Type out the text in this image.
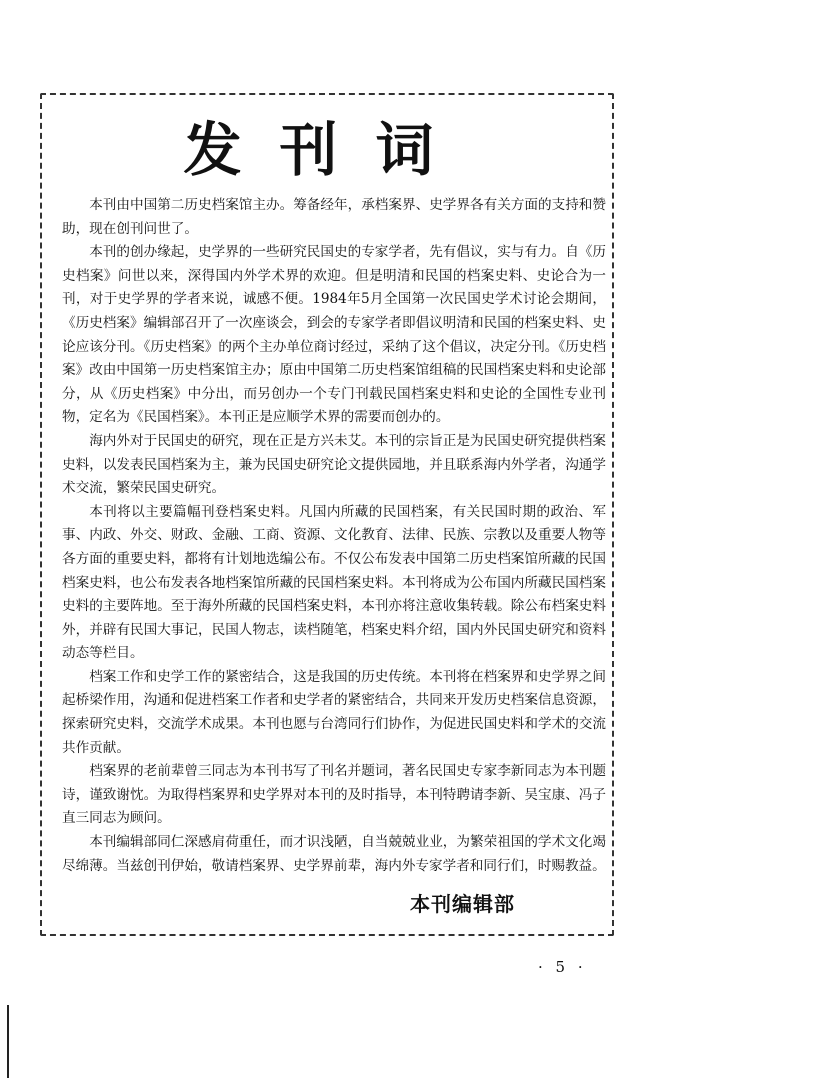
发刊词

本刊由中国第二历史档案馆主办。筹备经年，承档案界、史学界各有关方面的支持和赞助，现在创刊问世了。

本刊的创办缘起，史学界的一些研究民国史的专家学者，先有倡议，实与有力。自《历史档案》问世以来，深得国内外学术界的欢迎。但是明清和民国的档案史料、史论合为一刊，对于史学界的学者来说，诚感不便。1984年5月全国第一次民国史学术讨论会期间，《历史档案》编辑部召开了一次座谈会，到会的专家学者即倡议明清和民国的档案史料、史论应该分刊。《历史档案》的两个主办单位商讨经过，采纳了这个倡议，决定分刊。《历史档案》改由中国第一历史档案馆主办；原由中国第二历史档案馆组稿的民国档案史料和史论部分，从《历史档案》中分出，而另创办一个专门刊载民国档案史料和史论的全国性专业刊物，定名为《民国档案》。本刊正是应顺学术界的需要而创办的。

海内外对于民国史的研究，现在正是方兴未艾。本刊的宗旨正是为民国史研究提供档案史料，以发表民国档案为主，兼为民国史研究论文提供园地，并且联系海内外学者，沟通学术交流，繁荣民国史研究。

本刊将以主要篇幅刊登档案史料。凡国内所藏的民国档案，有关民国时期的政治、军事、内政、外交、财政、金融、工商、资源、文化教育、法律、民族、宗教以及重要人物等各方面的重要史料，都将有计划地选编公布。不仅公布发表中国第二历史档案馆所藏的民国档案史料，也公布发表各地档案馆所藏的民国档案史料。本刊将成为公布国内所藏民国档案史料的主要阵地。至于海外所藏的民国档案史料，本刊亦将注意收集转载。除公布档案史料外，并辟有民国大事记，民国人物志，读档随笔，档案史料介绍，国内外民国史研究和资料动态等栏目。

档案工作和史学工作的紧密结合，这是我国的历史传统。本刊将在档案界和史学界之间起桥梁作用，沟通和促进档案工作者和史学者的紧密结合，共同来开发历史档案信息资源，探索研究史料，交流学术成果。本刊也愿与台湾同行们协作，为促进民国史料和学术的交流共作贡献。

档案界的老前辈曾三同志为本刊书写了刊名并题词，著名民国史专家李新同志为本刊题诗，谨致谢忱。为取得档案界和史学界对本刊的及时指导，本刊特聘请李新、吴宝康、冯子直三同志为顾问。

本刊编辑部同仁深感肩荷重任，而才识浅陋，自当兢兢业业，为繁荣祖国的学术文化竭尽绵薄。当兹创刊伊始，敬请档案界、史学界前辈，海内外专家学者和同行们，时赐教益。

本刊编辑部
· 5 ·
